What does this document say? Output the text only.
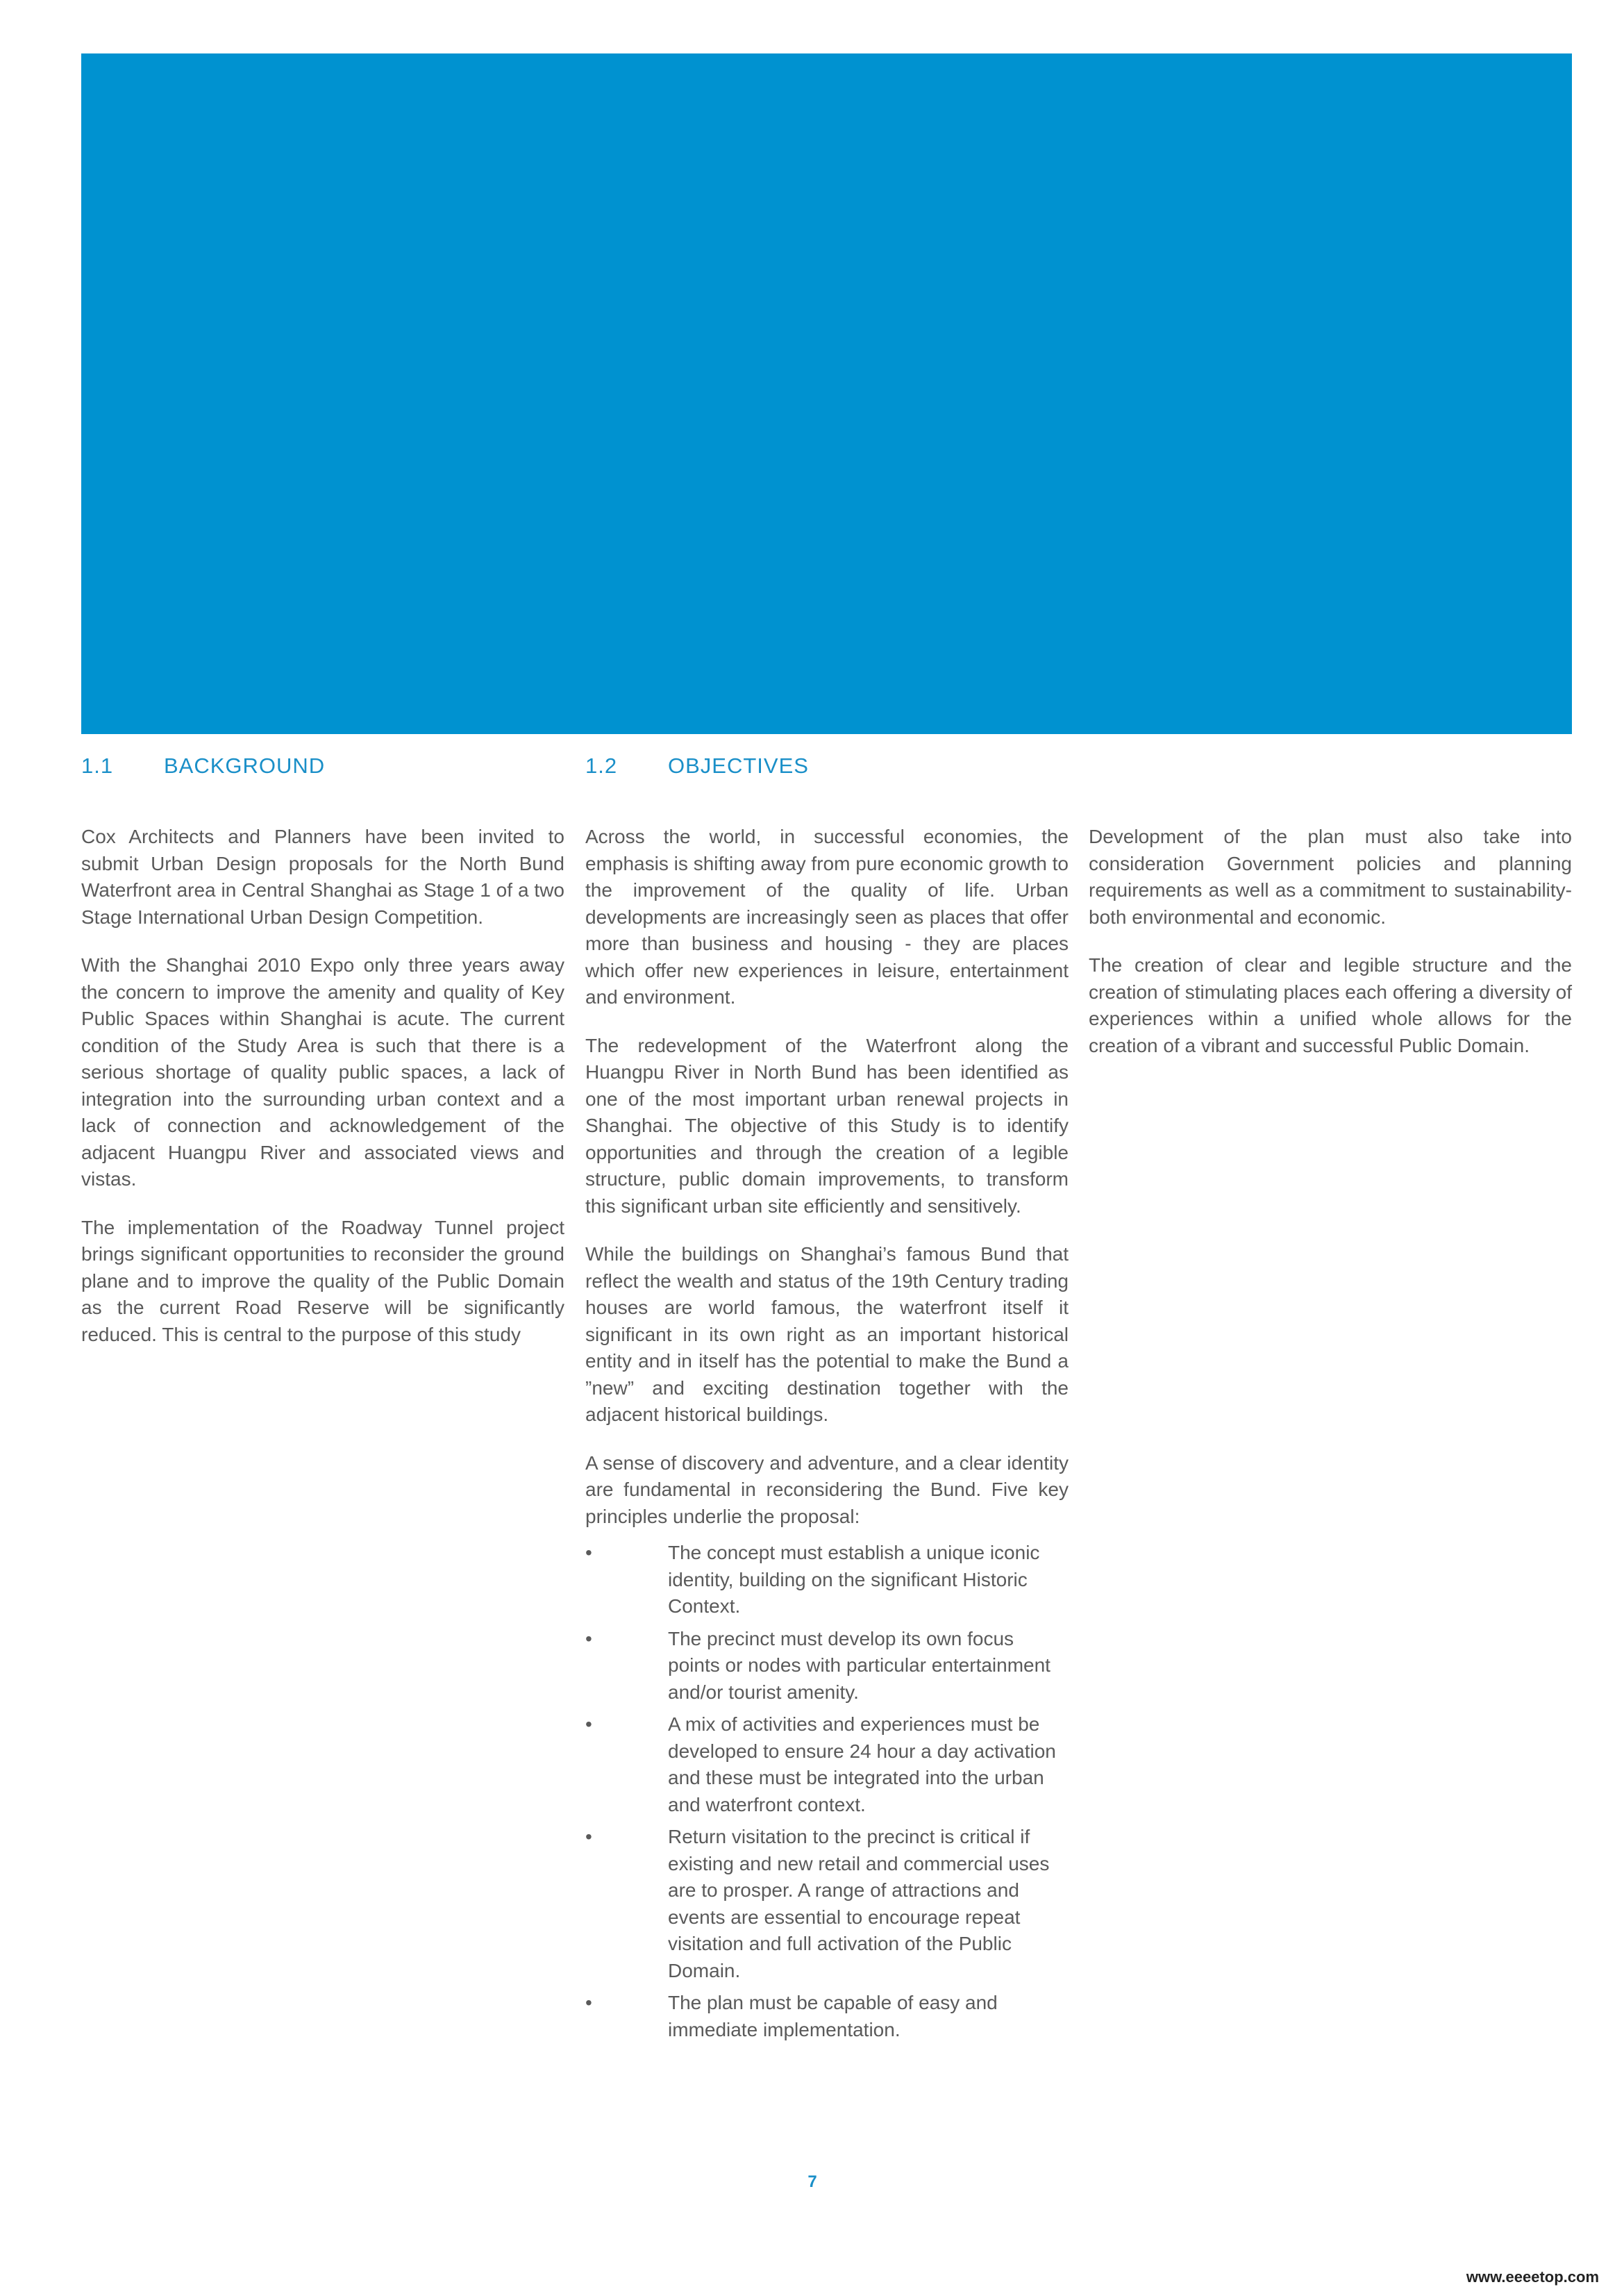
1.1 BACKGROUND	1.2 OBJECTIVES

Cox Architects and Planners have been invited to submit Urban Design proposals for the North Bund Waterfront area in Central Shanghai as Stage 1 of a two Stage International Urban Design Competition.

With the Shanghai 2010 Expo only three years away the concern to improve the amenity and quality of Key Public Spaces within Shanghai is acute. The current condition of the Study Area is such that there is a serious shortage of quality public spaces, a lack of integration into the surrounding urban context and a lack of connection and acknowledgement of the adjacent Huangpu River and associated views and vistas.

The implementation of the Roadway Tunnel project brings significant opportunities to reconsider the ground plane and to improve the quality of the Public Domain as the current Road Reserve will be significantly reduced. This is central to the purpose of this study

Across the world, in successful economies, the emphasis is shifting away from pure economic growth to the improvement of the quality of life. Urban developments are increasingly seen as places that offer more than business and housing - they are places which offer new experiences in leisure, entertainment and environment.

The redevelopment of the Waterfront along the Huangpu River in North Bund has been identified as one of the most important urban renewal projects in Shanghai. The objective of this Study is to identify opportunities and through the creation of a legible structure, public domain improvements, to transform this significant urban site efficiently and sensitively.

While the buildings on Shanghai’s famous Bund that reflect the wealth and status of the 19th Century trading houses are world famous, the waterfront itself it significant in its own right as an important historical entity and in itself has the potential to make the Bund a ”new” and exciting destination together with the adjacent historical buildings.

A sense of discovery and adventure, and a clear identity are fundamental in reconsidering the Bund. Five key principles underlie the proposal:

•	The concept must establish a unique iconic identity, building on the significant Historic Context.
•	The precinct must develop its own focus points or nodes with particular entertainment and/or tourist amenity.
•	A mix of activities and experiences must be developed to ensure 24 hour a day activation and these must be integrated into the urban and waterfront context.
•	Return visitation to the precinct is critical if existing and new retail and commercial uses are to prosper. A range of attractions and events are essential to encourage repeat visitation and full activation of the Public Domain.
•	The plan must be capable of easy and immediate implementation.

Development of the plan must also take into consideration Government policies and planning requirements as well as a commitment to sustainability- both environmental and economic.

The creation of clear and legible structure and the creation of stimulating places each offering a diversity of experiences within a unified whole allows for the creation of a vibrant and successful Public Domain.

7
www.eeeetop.com
